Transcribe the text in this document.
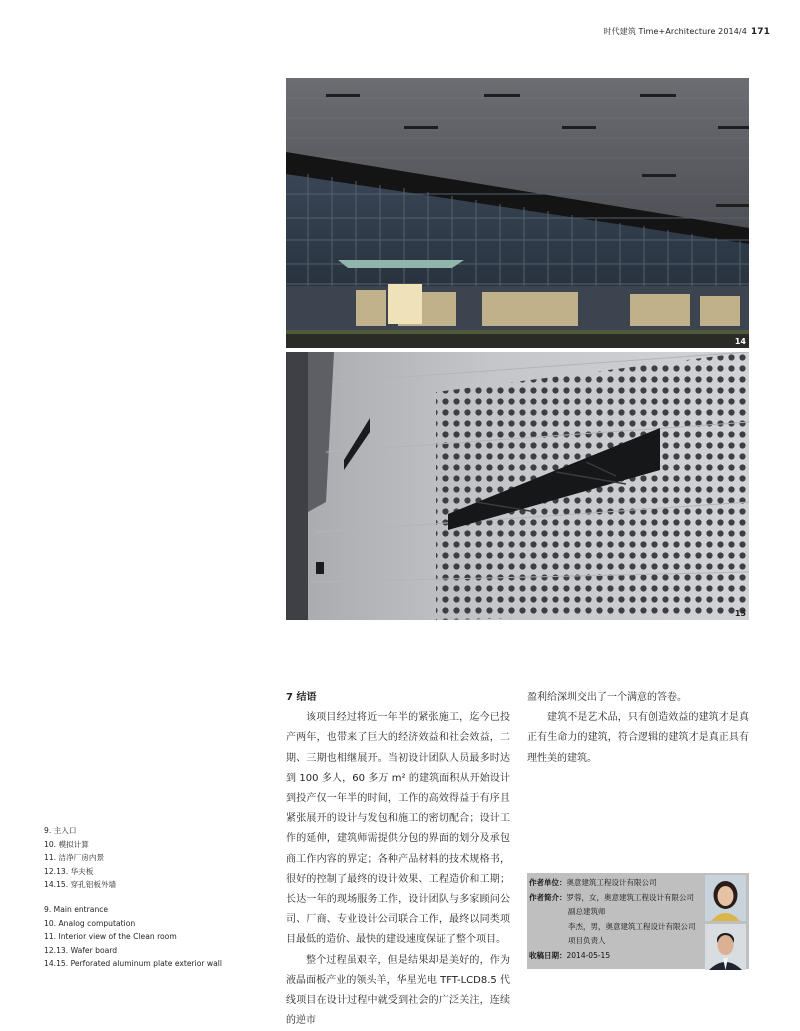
时代建筑 Time+Architecture 2014/4 171
14
15
7 结语

该项目经过将近一年半的紧张施工，迄今已投产两年，也带来了巨大的经济效益和社会效益，二期、三期也相继展开。当初设计团队人员最多时达到 100 多人，60 多万 m² 的建筑面积从开始设计到投产仅一年半的时间，工作的高效得益于有序且紧张展开的设计与发包和施工的密切配合；设计工作的延伸，建筑师需提供分包的界面的划分及承包商工作内容的界定；各种产品材料的技术规格书，很好的控制了最终的设计效果、工程造价和工期；长达一年的现场服务工作，设计团队与多家顾问公司、厂商、专业设计公司联合工作，最终以同类项目最低的造价、最快的建设速度保证了整个项目。

整个过程虽艰辛，但是结果却是美好的，作为液晶面板产业的领头羊，华星光电 TFT-LCD8.5 代线项目在设计过程中就受到社会的广泛关注，连续的逆市

盈利给深圳交出了一个满意的答卷。

建筑不是艺术品，只有创造效益的建筑才是真正有生命力的建筑，符合逻辑的建筑才是真正具有理性美的建筑。

9. 主入口
10. 模拟计算
11. 洁净厂房内景
12.13. 华夫板
14.15. 穿孔铝板外墙
9. Main entrance
10. Analog computation
11. Interior view of the Clean room
12.13. Wafer board
14.15. Perforated aluminum plate exterior wall
作者单位：奥意建筑工程设计有限公司
作者简介：罗蓉，女，奥意建筑工程设计有限公司
副总建筑师
李杰，男，奥意建筑工程设计有限公司
项目负责人
收稿日期：2014-05-15
